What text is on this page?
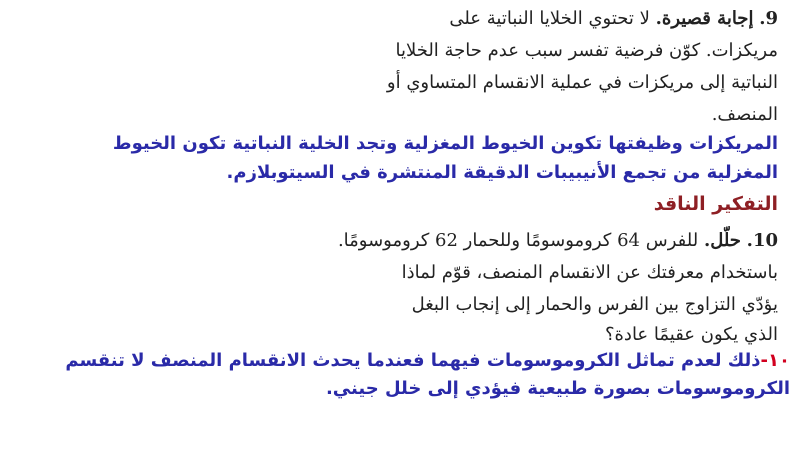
9. إجابة قصيرة. لا تحتوي الخلايا النباتية على
مريكزات. كوّن فرضية تفسر سبب عدم حاجة الخلايا
النباتية إلى مريكزات في عملية الانقسام المتساوي أو
المنصف.
المريكزات وظيفتها تكوين الخيوط المغزلية وتجد الخلية النباتية تكون الخيوط
المغزلية من تجمع الأنيبيبات الدقيقة المنتشرة في السيتوبلازم.
التفكير الناقد
10. حلّل. للفرس 64 كروموسومًا وللحمار 62 كروموسومًا.
باستخدام معرفتك عن الانقسام المنصف، قوّم لماذا
يؤدّي التزاوج بين الفرس والحمار إلى إنجاب البغل
الذي يكون عقيمًا عادة؟
١٠-ذلك لعدم تماثل الكروموسومات فيهما فعندما يحدث الانقسام المنصف لا تنقسم
الكروموسومات بصورة طبيعية فيؤدي إلى خلل جيني.
